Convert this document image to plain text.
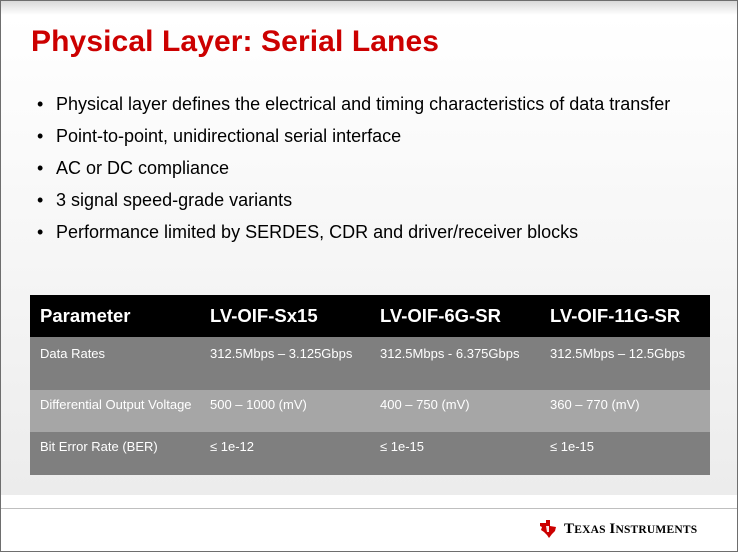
Physical Layer: Serial Lanes
• Physical layer defines the electrical and timing characteristics of data transfer
• Point-to-point, unidirectional serial interface
• AC or DC compliance
• 3 signal speed-grade variants
• Performance limited by SERDES, CDR and driver/receiver blocks
Parameter	LV-OIF-Sx15	LV-OIF-6G-SR	LV-OIF-11G-SR
Data Rates	312.5Mbps – 3.125Gbps	312.5Mbps - 6.375Gbps	312.5Mbps – 12.5Gbps
Differential Output Voltage	500 – 1000 (mV)	400 – 750 (mV)	360 – 770 (mV)
Bit Error Rate (BER)	≤ 1e-12	≤ 1e-15	≤ 1e-15
TEXAS INSTRUMENTS
